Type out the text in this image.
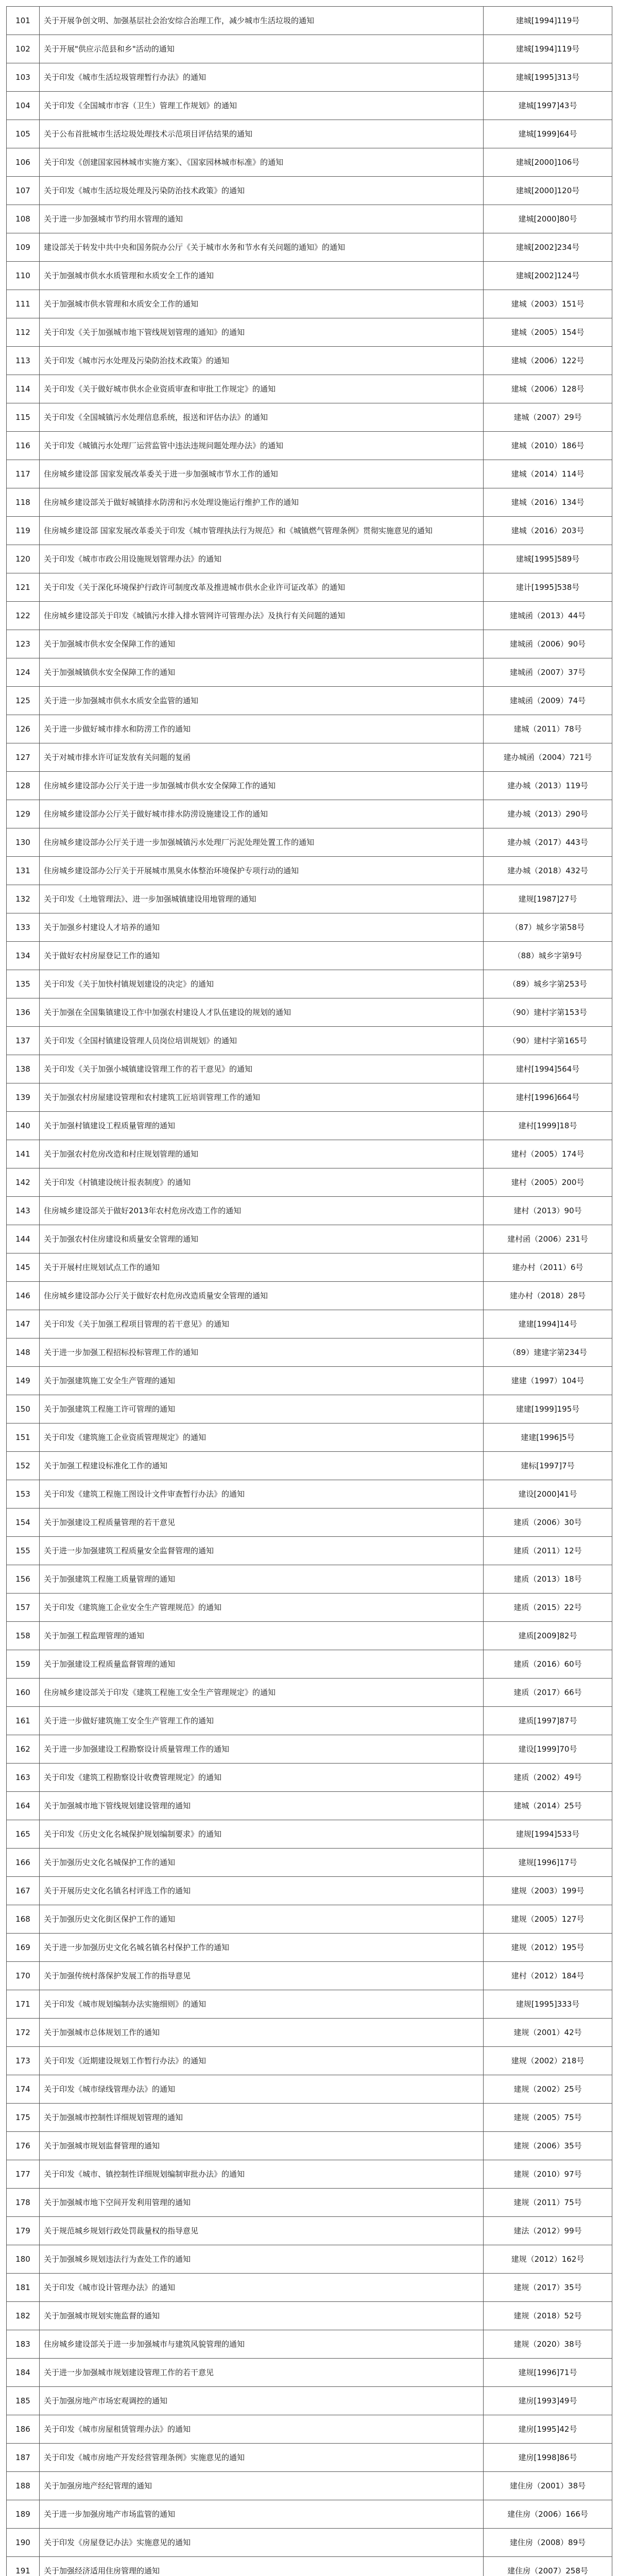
101	关于开展争创文明、加强基层社会治安综合治理工作，减少城市生活垃圾的通知	建城[1994]119号
102	关于开展"供应示范县和乡"活动的通知	建城[1994]119号
103	关于印发《城市生活垃圾管理暂行办法》的通知	建城[1995]313号
104	关于印发《全国城市市容（卫生）管理工作规划》的通知	建城[1997]43号
105	关于公布首批城市生活垃圾处理技术示范项目评估结果的通知	建城[1999]64号
106	关于印发《创建国家园林城市实施方案》、《国家园林城市标准》的通知	建城[2000]106号
107	关于印发《城市生活垃圾处理及污染防治技术政策》的通知	建城[2000]120号
108	关于进一步加强城市节约用水管理的通知	建城[2000]80号
109	建设部关于转发中共中央和国务院办公厅《关于城市水务和节水有关问题的通知》的通知	建城[2002]234号
110	关于加强城市供水水质管理和水质安全工作的通知	建城[2002]124号
111	关于加强城市供水管理和水质安全工作的通知	建城（2003）151号
112	关于印发《关于加强城市地下管线规划管理的通知》的通知	建城（2005）154号
113	关于印发《城市污水处理及污染防治技术政策》的通知	建城（2006）122号
114	关于印发《关于做好城市供水企业资质审查和审批工作规定》的通知	建城（2006）128号
115	关于印发《全国城镇污水处理信息系统，报送和评估办法》的通知	建城（2007）29号
116	关于印发《城镇污水处理厂运营监管中违法违规问题处理办法》的通知	建城（2010）186号
117	住房城乡建设部 国家发展改革委关于进一步加强城市节水工作的通知	建城（2014）114号
118	住房城乡建设部关于做好城镇排水防涝和污水处理设施运行维护工作的通知	建城（2016）134号
119	住房城乡建设部 国家发展改革委关于印发《城市管理执法行为规范》和《城镇燃气管理条例》贯彻实施意见的通知	建城（2016）203号
120	关于印发《城市市政公用设施规划管理办法》的通知	建城[1995]589号
121	关于印发《关于深化环境保护行政许可制度改革及推进城市供水企业许可证改革》的通知	建计[1995]538号
122	住房城乡建设部关于印发《城镇污水排入排水管网许可管理办法》及执行有关问题的通知	建城函（2013）44号
123	关于加强城市供水安全保障工作的通知	建城函（2006）90号
124	关于加强城镇供水安全保障工作的通知	建城函（2007）37号
125	关于进一步加强城市供水水质安全监管的通知	建城函（2009）74号
126	关于进一步做好城市排水和防涝工作的通知	建城（2011）78号
127	关于对城市排水许可证发放有关问题的复函	建办城函（2004）721号
128	住房城乡建设部办公厅关于进一步加强城市供水安全保障工作的通知	建办城（2013）119号
129	住房城乡建设部办公厅关于做好城市排水防涝设施建设工作的通知	建办城（2013）290号
130	住房城乡建设部办公厅关于进一步加强城镇污水处理厂污泥处理处置工作的通知	建办城（2017）443号
131	住房城乡建设部办公厅关于开展城市黑臭水体整治环境保护专项行动的通知	建办城（2018）432号
132	关于印发《土地管理法》、进一步加强城镇建设用地管理的通知	建规[1987]27号
133	关于加强乡村建设人才培养的通知	（87）城乡字第58号
134	关于做好农村房屋登记工作的通知	（88）城乡字第9号
135	关于印发《关于加快村镇规划建设的决定》的通知	（89）城乡字第253号
136	关于加强在全国集镇建设工作中加强农村建设人才队伍建设的规划的通知	（90）建村字第153号
137	关于印发《全国村镇建设管理人员岗位培训规划》的通知	（90）建村字第165号
138	关于印发《关于加强小城镇建设管理工作的若干意见》的通知	建村[1994]564号
139	关于加强农村房屋建设管理和农村建筑工匠培训管理工作的通知	建村[1996]664号
140	关于加强村镇建设工程质量管理的通知	建村[1999]18号
141	关于加强农村危房改造和村庄规划管理的通知	建村（2005）174号
142	关于印发《村镇建设统计报表制度》的通知	建村（2005）200号
143	住房城乡建设部关于做好2013年农村危房改造工作的通知	建村（2013）90号
144	关于加强农村住房建设和质量安全管理的通知	建村函（2006）231号
145	关于开展村庄规划试点工作的通知	建办村（2011）6号
146	住房城乡建设部办公厅关于做好农村危房改造质量安全管理的通知	建办村（2018）28号
147	关于印发《关于加强工程项目管理的若干意见》的通知	建建[1994]14号
148	关于进一步加强工程招标投标管理工作的通知	（89）建建字第234号
149	关于加强建筑施工安全生产管理的通知	建建（1997）104号
150	关于加强建筑工程施工许可管理的通知	建建[1999]195号
151	关于印发《建筑施工企业资质管理规定》的通知	建建[1996]5号
152	关于加强工程建设标准化工作的通知	建标[1997]7号
153	关于印发《建筑工程施工图设计文件审查暂行办法》的通知	建设[2000]41号
154	关于加强建设工程质量管理的若干意见	建质（2006）30号
155	关于进一步加强建筑工程质量安全监督管理的通知	建质（2011）12号
156	关于加强建筑工程施工质量管理的通知	建质（2013）18号
157	关于印发《建筑施工企业安全生产管理规范》的通知	建质（2015）22号
158	关于加强工程监理管理的通知	建质[2009]82号
159	关于加强建设工程质量监督管理的通知	建质（2016）60号
160	住房城乡建设部关于印发《建筑工程施工安全生产管理规定》的通知	建质（2017）66号
161	关于进一步做好建筑施工安全生产管理工作的通知	建质[1997]87号
162	关于进一步加强建设工程勘察设计质量管理工作的通知	建设[1999]70号
163	关于印发《建筑工程勘察设计收费管理规定》的通知	建质（2002）49号
164	关于加强城市地下管线规划建设管理的通知	建城（2014）25号
165	关于印发《历史文化名城保护规划编制要求》的通知	建规[1994]533号
166	关于加强历史文化名城保护工作的通知	建规[1996]17号
167	关于开展历史文化名镇名村评选工作的通知	建规（2003）199号
168	关于加强历史文化街区保护工作的通知	建规（2005）127号
169	关于进一步加强历史文化名城名镇名村保护工作的通知	建规（2012）195号
170	关于加强传统村落保护发展工作的指导意见	建村（2012）184号
171	关于印发《城市规划编制办法实施细则》的通知	建规[1995]333号
172	关于加强城市总体规划工作的通知	建规（2001）42号
173	关于印发《近期建设规划工作暂行办法》的通知	建规（2002）218号
174	关于印发《城市绿线管理办法》的通知	建规（2002）25号
175	关于加强城市控制性详细规划管理的通知	建规（2005）75号
176	关于加强城市规划监督管理的通知	建规（2006）35号
177	关于印发《城市、镇控制性详细规划编制审批办法》的通知	建规（2010）97号
178	关于加强城市地下空间开发利用管理的通知	建规（2011）75号
179	关于规范城乡规划行政处罚裁量权的指导意见	建法（2012）99号
180	关于加强城乡规划违法行为查处工作的通知	建规（2012）162号
181	关于印发《城市设计管理办法》的通知	建规（2017）35号
182	关于加强城市规划实施监督的通知	建规（2018）52号
183	住房城乡建设部关于进一步加强城市与建筑风貌管理的通知	建规（2020）38号
184	关于进一步加强城市规划建设管理工作的若干意见	建规[1996]71号
185	关于加强房地产市场宏观调控的通知	建房[1993]49号
186	关于印发《城市房屋租赁管理办法》的通知	建房[1995]42号
187	关于印发《城市房地产开发经营管理条例》实施意见的通知	建房[1998]86号
188	关于加强房地产经纪管理的通知	建住房（2001）38号
189	关于进一步加强房地产市场监管的通知	建住房（2006）166号
190	关于印发《房屋登记办法》实施意见的通知	建住房（2008）89号
191	关于加强经济适用住房管理的通知	建住房（2007）258号
